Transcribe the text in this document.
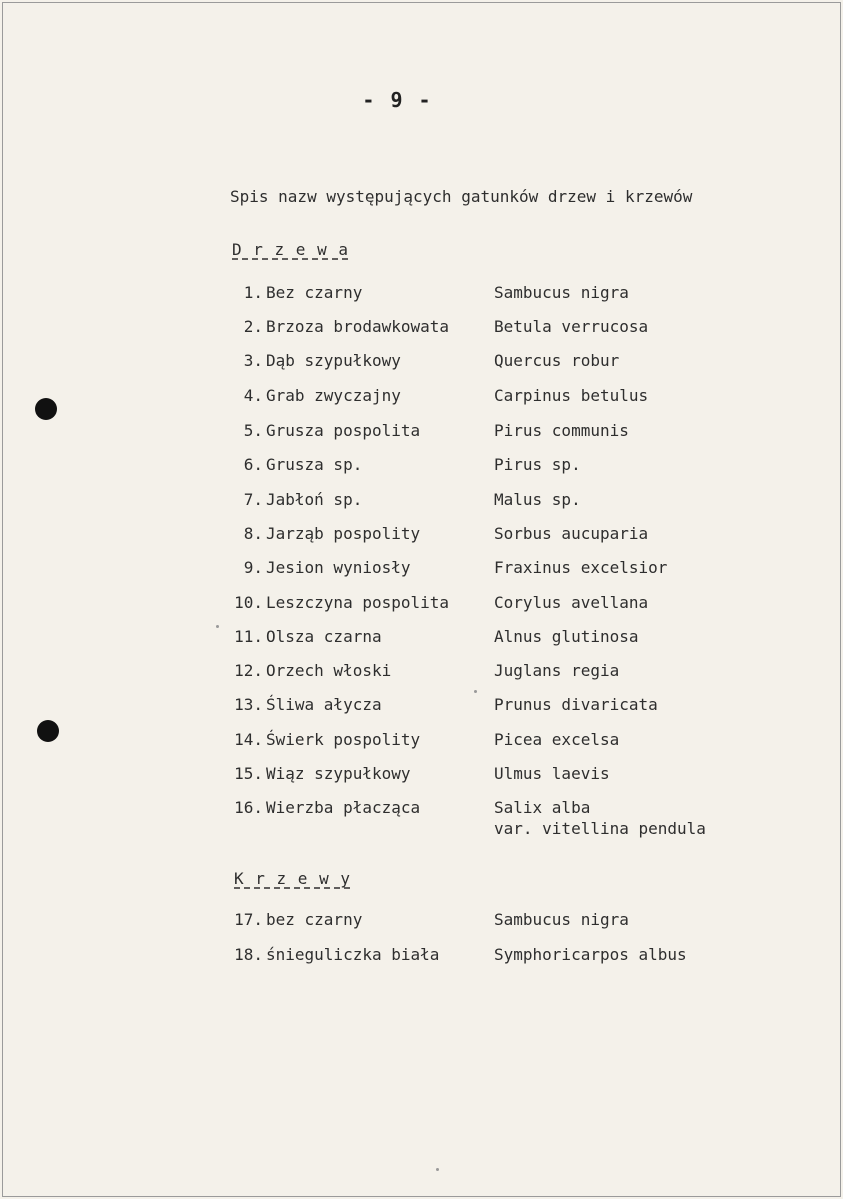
- 9 -
Spis nazw występujących gatunków drzew i krzewów
D r z e w a
1. Bez czarny	Sambucus nigra
2. Brzoza brodawkowata	Betula verrucosa
3. Dąb szypułkowy	Quercus robur
4. Grab zwyczajny	Carpinus betulus
5. Grusza pospolita	Pirus communis
6. Grusza sp.	Pirus sp.
7. Jabłoń sp.	Malus sp.
8. Jarząb pospolity	Sorbus aucuparia
9. Jesion wyniosły	Fraxinus excelsior
10. Leszczyna pospolita	Corylus avellana
11. Olsza czarna	Alnus glutinosa
12. Orzech włoski	Juglans regia
13. Śliwa ałycza	Prunus divaricata
14. Świerk pospolity	Picea excelsa
15. Wiąz szypułkowy	Ulmus laevis
16. Wierzba płacząca	Salix alba
var. vitellina pendula
K r z e w y
17. bez czarny	Sambucus nigra
18. śnieguliczka biała	Symphoricarpos albus
